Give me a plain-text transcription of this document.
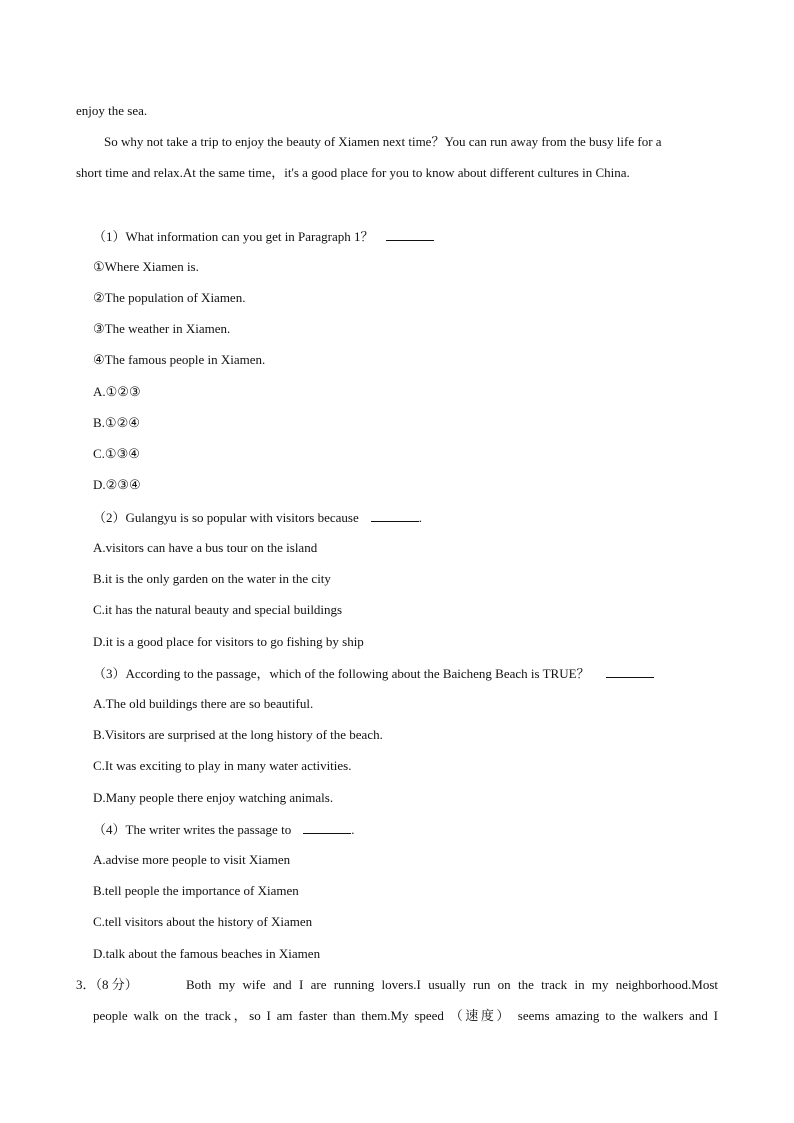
enjoy the sea.
So why not take a trip to enjoy the beauty of Xiamen next time？You can run away from the busy life for a
short time and relax.At the same time，it's a good place for you to know about different cultures in China.
（1）What information can you get in Paragraph 1？
①Where Xiamen is.
②The population of Xiamen.
③The weather in Xiamen.
④The famous people in Xiamen.
A.①②③
B.①②④
C.①③④
D.②③④
（2）Gulangyu is so popular with visitors because	.
A.visitors can have a bus tour on the island
B.it is the only garden on the water in the city
C.it has the natural beauty and special buildings
D.it is a good place for visitors to go fishing by ship
（3）According to the passage，which of the following about the Baicheng Beach is TRUE？
A.The old buildings there are so beautiful.
B.Visitors are surprised at the long history of the beach.
C.It was exciting to play in many water activities.
D.Many people there enjoy watching animals.
（4）The writer writes the passage to	.
A.advise more people to visit Xiamen
B.tell people the importance of Xiamen
C.tell visitors about the history of Xiamen
D.talk about the famous beaches in Xiamen
3．（8 分）	Both my wife and I are running lovers.I usually run on the track in my neighborhood.Most
people walk on the track，so I am faster than them.My speed （速度） seems amazing to the walkers and I
